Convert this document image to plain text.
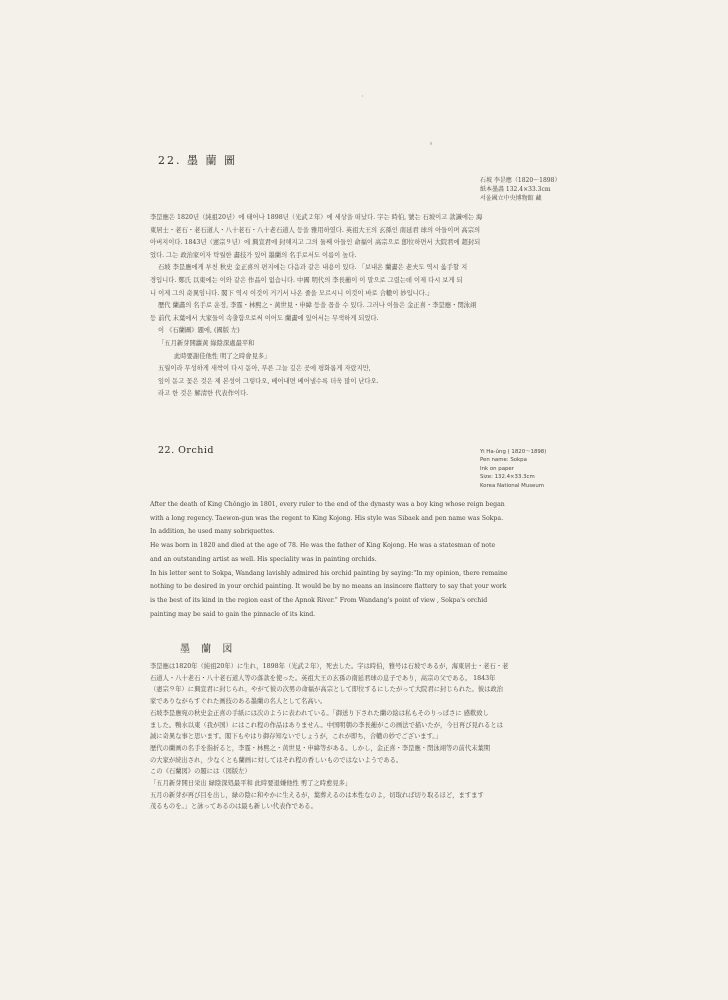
22. 墨 蘭 圖
石坡 李昰應（1820～1898）
紙本墨畵 132.4×33.3cm
서울國立中央博物館 藏

李昰應은 1820년（純祖20년）에 태어나 1898년（光武２年）에 세상을 떠났다. 字는 時伯, 號는 石坡이고 款識에는 海

東居士・老石・老石道人・八十老石・八十老石道人 등을 雅用하였다. 英祖大王의 玄孫인 南延君 球의 아들이며 高宗의

아버지이다. 1843년（憲宗９년）에 興宣君에 封해지고 그의 둘째 아들인 命福이 高宗으로 卽位하면서 大院君에 超封되

었다. 그는 政治家이자 탁월한 畵技가 있어 墨蘭의 名手로서도 이름이 높다.

石坡 李昰應에게 부친 秋史 金正喜의 편지에는 다음과 같은 내용이 있다. 「보내온 蘭畵은 老夫도 역시 옳手할 지

경입니다. 鄭氏 以東에는 이와 같은 作品이 없습니다. 中國 明代의 李長蘅이 이 말으로 그렸는데 이제 다시 보게 되

니 이제 그의 奇異임니다. 閣下 역시 이것이 거기서 나온 줄을 모르시니 이것이 바로 合轍이 妙입니다.」

歷代 蘭畵의 名手로 운정, 李霆・林熙之・黃世見・申緯 등을 꼽을 수 있다. 그러나 이들은 金正喜・李昰應・閔泳翊

등 前代 末葉에서 大家들이 속출함으로써 이어도 蘭畵에 있어서는 무색하게 되었다.

이 《石蘭圖》題에, (國版 左)

「五月新芽開蘿黃 綠陰深處最平和

此時要謝佳他性 明了之時會見多」

五월이라 무성하게 새싹이 다시 돋아, 푸른 그늘 깊은 곳에 평화롭게 자랐지만,

잎이 돋고 꽃은 것은 제 본성이 그렇다오, 베어내면 베어낼수록 더욱 많이 난다오.

라고 한 것은 解淸한 代表作이다.

22. Orchid	Yi Ha-ŭng ( 1820～1898)
Pen name: Sokpa
Ink on paper
Size: 132.4×33.3cm
Korea National Museum

After the death of King Chŏngjo in 1801, every ruler to the end of the dynasty was a boy king whose reign began

with a long regency. Taewon-gun was the regent to King Kojong. His style was Sibaek and pen name was Sokpa.

In addition, he used many sobriquettes.

He was born in 1820 and died at the age of 78. He was the father of King Kojong. He was a statesman of note

and an outstanding artist as well. His speciality was in painting orchids.

In his letter sent to Sokpa, Wandang lavishly admired his orchid painting by saying:"In my opinion, there remaine

nothing to be desired in your orchid painting. It would be by no means an insincere flattery to say that your work

is the best of its kind in the region east of the Apnok River." From Wandang's point of view , Sokpa's orchid

painting may be said to gain the pinnacle of its kind.

墨 蘭 図

李昰應は1820年（純祖20年）に生れ，1898年（光武２年），死去した。字は時伯，雅号は石坡であるが，海東居士・老石・老

石道人・八十老石・八十老石道人等の落款を使った。英祖大王の玄孫の南延君球の息子であり，高宗の父である。 1843年

（憲宗９年）に興宣君に封じられ，やがて彼の次男の命福が高宗として即位するにしたがって大院君に封じられた。彼は政治

家でありながらすぐれた画技のある墨蘭の名人として名高い。

石坡李昰應宛の秋史金正喜の手紙には次のように表われている。「御送り下された蘭の絵は私もそのりっぱさに 感歎致し

ました。鴨水以東（我が国）にはこれ程の作品はありません。中国明朝の李長蘅がこの画法で描いたが，今日再び見れるとは

誠に奇異な事と思います。閣下もやはり御存知ないでしょうが，これが即ち，合轍の妙でございます。」

歴代の蘭画の名手を指折ると，李霆・林熙之・黄世見・申緯等がある。しかし，金正喜・李昰應・閔泳翊等の前代末葉期

の大家が続出され，少なくとも蘭画に対してはそれ程の香しいものではないようである。

この《石蘭図》の題には（図版左）

「五月新芽開日栄出 緑陰深処最平和 此時要退嫌他性 剪了之時愈見多」

五月の新芽が再び目を出し，緑の陰に和やかに生えるが，葉葬えるのは本性なのよ，切取れば切り取るほど，ますます

茂るものを。」と詠ってあるのは最も新しい代表作である。
